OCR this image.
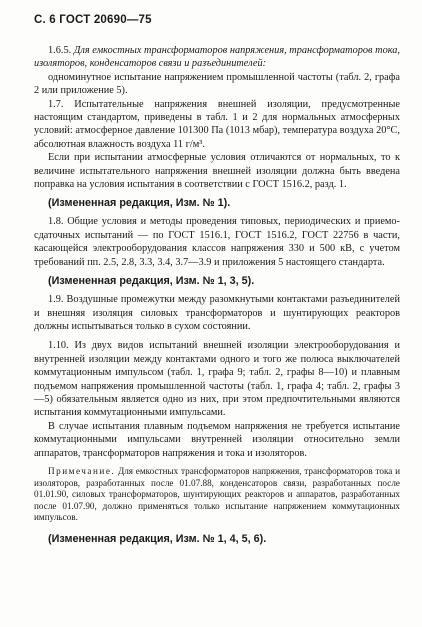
С. 6 ГОСТ 20690—75

1.6.5. Для емкостных трансформаторов напряжения, трансформаторов тока, изоляторов, конденсаторов связи и разъединителей:

одноминутное испытание напряжением промышленной частоты (табл. 2, графа 2 или приложение 5).

1.7. Испытательные напряжения внешней изоляции, предусмотренные настоящим стандартом, приведены в табл. 1 и 2 для нормальных атмосферных условий: атмосферное давление 101300 Па (1013 мбар), температура воздуха 20°С, абсолютная влажность воздуха 11 г/м³.

Если при испытании атмосферные условия отличаются от нормальных, то к величине испытательного напряжения внешней изоляции должна быть введена поправка на условия испытания в соответствии с ГОСТ 1516.2, разд. 1.

(Измененная редакция, Изм. № 1).

1.8. Общие условия и методы проведения типовых, периодических и приемо-сдаточных испытаний — по ГОСТ 1516.1, ГОСТ 1516.2, ГОСТ 22756 в части, касающейся электрооборудования классов напряжения 330 и 500 кВ, с учетом требований пп. 2.5, 2.8, 3.3, 3.4, 3.7—3.9 и приложения 5 настоящего стандарта.

(Измененная редакция, Изм. № 1, 3, 5).

1.9. Воздушные промежутки между разомкнутыми контактами разъединителей и внешняя изоляция силовых трансформаторов и шунтирующих реакторов должны испытываться только в сухом состоянии.

1.10. Из двух видов испытаний внешней изоляции электрооборудования и внутренней изоляции между контактами одного и того же полюса выключателей коммутационным импульсом (табл. 1, графа 9; табл. 2, графы 8—10) и плавным подъемом напряжения промышленной частоты (табл. 1, графа 4; табл. 2, графы 3—5) обязательным является одно из них, при этом предпочтительными являются испытания коммутационными импульсами.

В случае испытания плавным подъемом напряжения не требуется испытание коммутационными импульсами внутренней изоляции относительно земли аппаратов, трансформаторов напряжения и тока и изоляторов.

Примечание. Для емкостных трансформаторов напряжения, трансформаторов тока и изоляторов, разработанных после 01.07.88, конденсаторов связи, разработанных после 01.01.90, силовых трансформаторов, шунтирующих реакторов и аппаратов, разработанных после 01.07.90, должно применяться только испытание напряжением коммутационных импульсов.

(Измененная редакция, Изм. № 1, 4, 5, 6).
